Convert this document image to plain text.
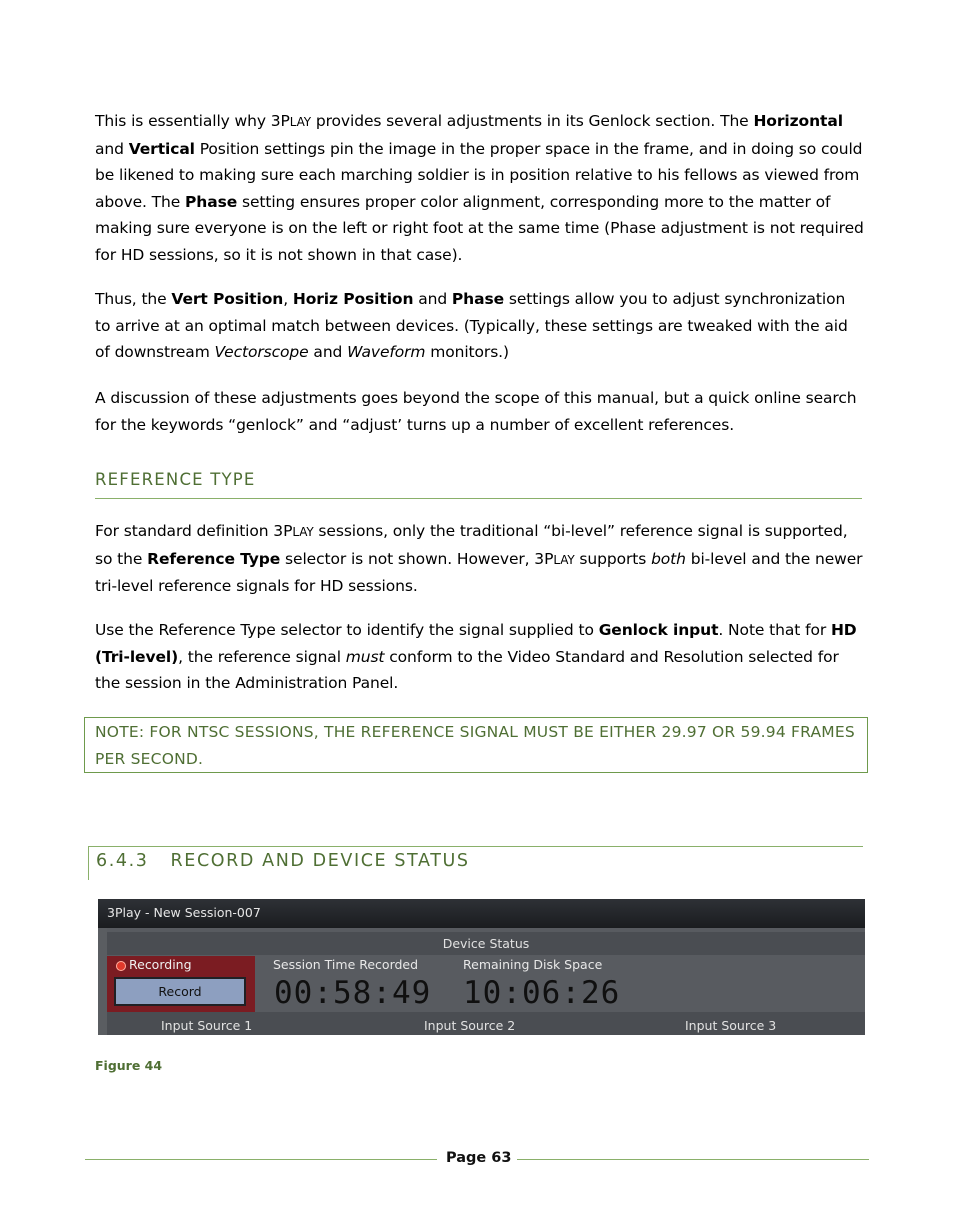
This is essentially why 3PLAY provides several adjustments in its Genlock section. The Horizontal and Vertical Position settings pin the image in the proper space in the frame, and in doing so could be likened to making sure each marching soldier is in position relative to his fellows as viewed from above. The Phase setting ensures proper color alignment, corresponding more to the matter of making sure everyone is on the left or right foot at the same time (Phase adjustment is not required for HD sessions, so it is not shown in that case).

Thus, the Vert Position, Horiz Position and Phase settings allow you to adjust synchronization to arrive at an optimal match between devices. (Typically, these settings are tweaked with the aid of downstream Vectorscope and Waveform monitors.)

A discussion of these adjustments goes beyond the scope of this manual, but a quick online search for the keywords “genlock” and “adjust’ turns up a number of excellent references.

REFERENCE TYPE

For standard definition 3PLAY sessions, only the traditional “bi-level” reference signal is supported, so the Reference Type selector is not shown. However, 3PLAY supports both bi-level and the newer tri-level reference signals for HD sessions.

Use the Reference Type selector to identify the signal supplied to Genlock input. Note that for HD (Tri-level), the reference signal must conform to the Video Standard and Resolution selected for the session in the Administration Panel.

NOTE: FOR NTSC SESSIONS, THE REFERENCE SIGNAL MUST BE EITHER 29.97 OR 59.94 FRAMES PER SECOND.

6.4.3 RECORD AND DEVICE STATUS
3Play - New Session-007
Device Status
Recording
Record
Session Time Recorded
00:58:49
Remaining Disk Space
10:06:26
Input Source 1	Input Source 2	Input Source 3
Figure 44
Page 63
